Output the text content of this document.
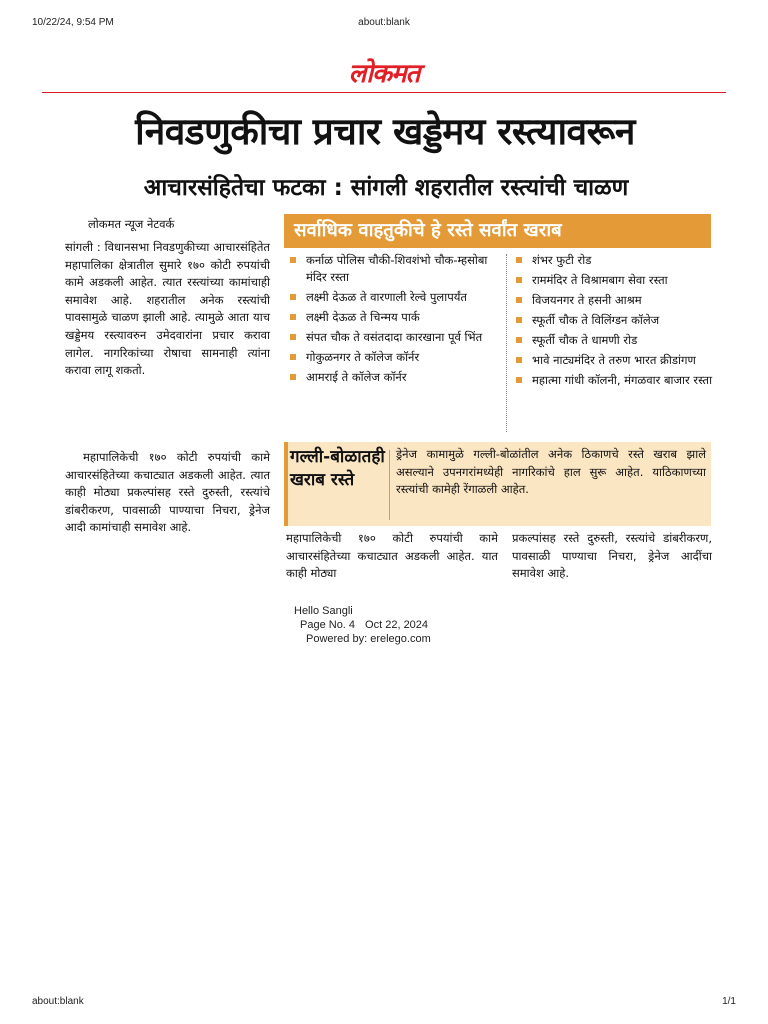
10/22/24, 9:54 PM	about:blank
लोकमत
निवडणुकीचा प्रचार खड्डेमय रस्त्यावरून
आचारसंहितेचा फटका : सांगली शहरातील रस्त्यांची चाळण
लोकमत न्यूज नेटवर्क
सांगली : विधानसभा निवडणुकीच्या आचारसंहितेत महापालिका क्षेत्रातील सुमारे १७० कोटी रुपयांची कामे अडकली आहेत. त्यात रस्त्यांच्या कामांचाही समावेश आहे. शहरातील अनेक रस्त्यांची पावसामुळे चाळण झाली आहे. त्यामुळे आता याच खड्डेमय रस्त्यावरुन उमेदवारांना प्रचार करावा लागेल. नागरिकांच्या रोषाचा सामनाही त्यांना करावा लागू शकतो.
महापालिकेची १७० कोटी रुपयांची कामे आचारसंहितेच्या कचाट्यात अडकली आहेत. त्यात काही मोठ्या प्रकल्पांसह रस्ते दुरुस्ती, रस्त्यांचे डांबरीकरण, पावसाळी पाण्याचा निचरा, ड्रेनेज आदी कामांचाही समावेश आहे.
सर्वाधिक वाहतुकीचे हे रस्ते सर्वांत खराब
कर्नाळ पोलिस चौकी-शिवशंभो चौक-म्हसोबा मंदिर रस्ता
लक्ष्मी देऊळ ते वारणाली रेल्वे पुलापर्यंत
लक्ष्मी देऊळ ते चिन्मय पार्क
संपत चौक ते वसंतदादा कारखाना पूर्व भिंत
गोकुळनगर ते कॉलेज कॉर्नर
आमराई ते कॉलेज कॉर्नर
शंभर फुटी रोड
राममंदिर ते विश्रामबाग सेवा रस्ता
विजयनगर ते हसनी आश्रम
स्फूर्ती चौक ते विलिंग्डन कॉलेज
स्फूर्ती चौक ते धामणी रोड
भावे नाट्यमंदिर ते तरुण भारत क्रीडांगण
महात्मा गांधी कॉलनी, मंगळवार बाजार रस्ता
गल्ली-बोळातही खराब रस्ते
ड्रेनेज कामामुळे गल्ली-बोळांतील अनेक ठिकाणचे रस्ते खराब झाले असल्याने उपनगरांमध्येही नागरिकांचे हाल सुरू आहेत. याठिकाणच्या रस्त्यांची कामेही रेंगाळली आहेत.
महापालिकेची १७० कोटी रुपयांची कामे आचारसंहितेच्या कचाट्यात अडकली आहेत. यात काही मोठ्या
प्रकल्पांसह रस्ते दुरुस्ती, रस्त्यांचे डांबरीकरण, पावसाळी पाण्याचा निचरा, ड्रेनेज आदींचा समावेश आहे.
Hello Sangli
Page No. 4 Oct 22, 2024
Powered by: erelego.com
about:blank	1/1
